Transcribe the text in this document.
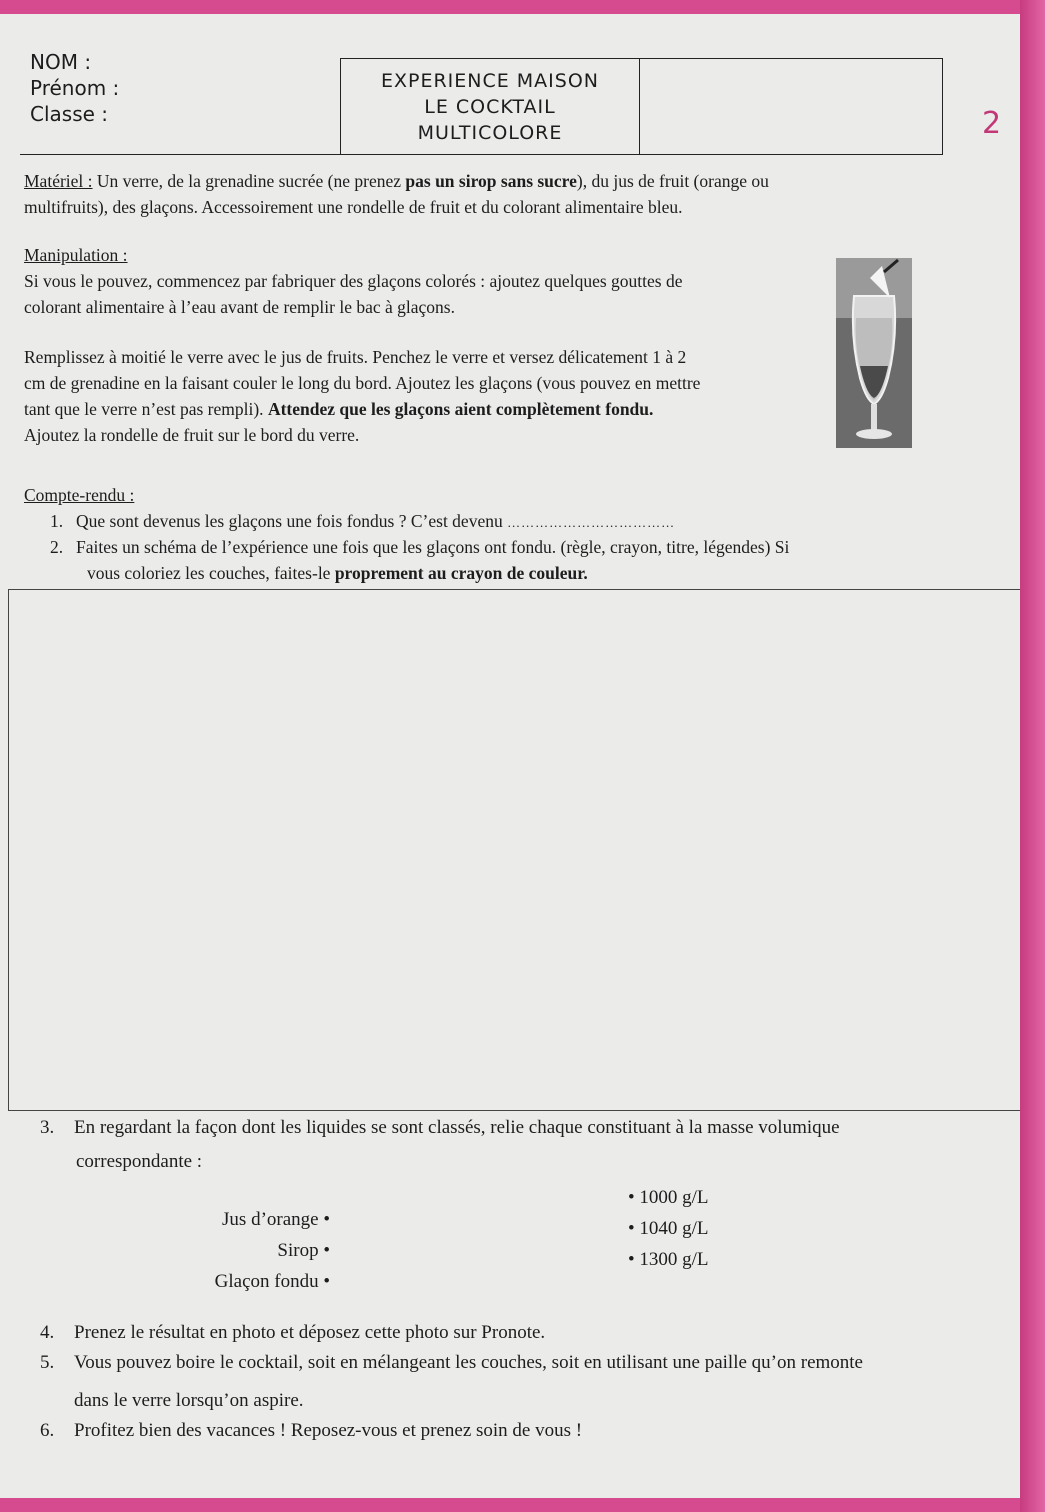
NOM :
Prénom :
Classe :
EXPERIENCE MAISON
LE COCKTAIL
MULTICOLORE	2
Matériel : Un verre, de la grenadine sucrée (ne prenez pas un sirop sans sucre), du jus de fruit (orange ou
multifruits), des glaçons. Accessoirement une rondelle de fruit et du colorant alimentaire bleu.
Manipulation :
Si vous le pouvez, commencez par fabriquer des glaçons colorés : ajoutez quelques gouttes de
colorant alimentaire à l’eau avant de remplir le bac à glaçons.
Remplissez à moitié le verre avec le jus de fruits. Penchez le verre et versez délicatement 1 à 2
cm de grenadine en la faisant couler le long du bord. Ajoutez les glaçons (vous pouvez en mettre
tant que le verre n’est pas rempli). Attendez que les glaçons aient complètement fondu.
Ajoutez la rondelle de fruit sur le bord du verre.
Compte-rendu :
1. Que sont devenus les glaçons une fois fondus ? C’est devenu ………………………………
2. Faites un schéma de l’expérience une fois que les glaçons ont fondu. (règle, crayon, titre, légendes) Si
vous coloriez les couches, faites-le proprement au crayon de couleur.
3. En regardant la façon dont les liquides se sont classés, relie chaque constituant à la masse volumique
correspondante :
Jus d’orange •
Sirop •
Glaçon fondu •
• 1000 g/L
• 1040 g/L
• 1300 g/L
4. Prenez le résultat en photo et déposez cette photo sur Pronote.
5. Vous pouvez boire le cocktail, soit en mélangeant les couches, soit en utilisant une paille qu’on remonte
dans le verre lorsqu’on aspire.
6. Profitez bien des vacances ! Reposez-vous et prenez soin de vous !
